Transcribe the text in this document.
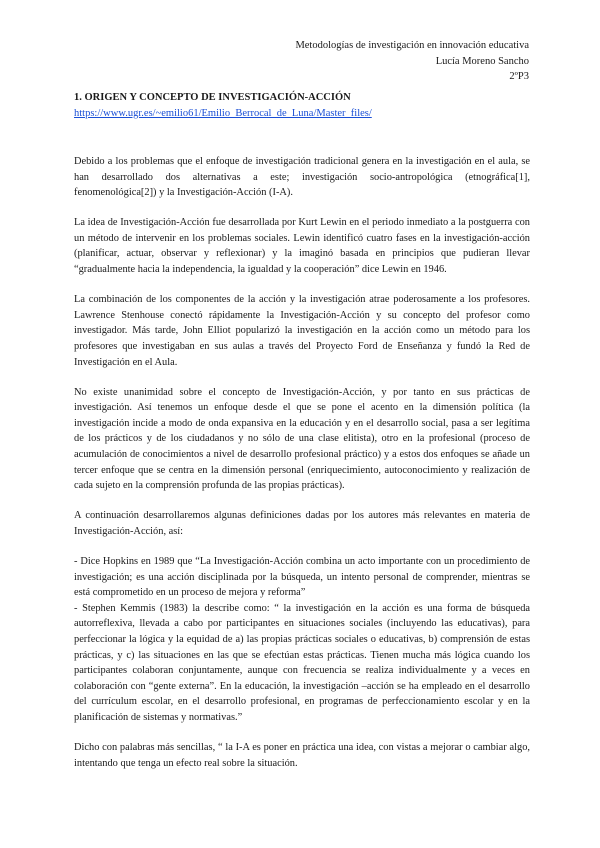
Metodologías de investigación en innovación educativa
Lucía Moreno Sancho
2ºP3
1. ORIGEN Y CONCEPTO DE INVESTIGACIÓN-ACCIÓN
https://www.ugr.es/~emilio61/Emilio_Berrocal_de_Luna/Master_files/

Debido a los problemas que el enfoque de investigación tradicional genera en la investigación en el aula, se han desarrollado dos alternativas a este; investigación socio-antropológica (etnográfica[1], fenomenológica[2]) y la Investigación-Acción (I-A).

La idea de Investigación-Acción fue desarrollada por Kurt Lewin en el periodo inmediato a la postguerra con un método de intervenir en los problemas sociales. Lewin identificó cuatro fases en la investigación-acción (planificar, actuar, observar y reflexionar) y la imaginó basada en principios que pudieran llevar “gradualmente hacia la independencia, la igualdad y la cooperación” dice Lewin en 1946.

La combinación de los componentes de la acción y la investigación atrae poderosamente a los profesores. Lawrence Stenhouse conectó rápidamente la Investigación-Acción y su concepto del profesor como investigador. Más tarde, John Elliot popularizó la investigación en la acción como un método para los profesores que investigaban en sus aulas a través del Proyecto Ford de Enseñanza y fundó la Red de Investigación en el Aula.

No existe unanimidad sobre el concepto de Investigación-Acción, y por tanto en sus prácticas de investigación. Así tenemos un enfoque desde el que se pone el acento en la dimensión política (la investigación incide a modo de onda expansiva en la educación y en el desarrollo social, pasa a ser legítima de los prácticos y de los ciudadanos y no sólo de una clase elitista), otro en la profesional (proceso de acumulación de conocimientos a nivel de desarrollo profesional práctico) y a estos dos enfoques se añade un tercer enfoque que se centra en la dimensión personal (enriquecimiento, autoconocimiento y realización de cada sujeto en la comprensión profunda de las propias prácticas).

A continuación desarrollaremos algunas definiciones dadas por los autores más relevantes en materia de Investigación-Acción, así:

- Dice Hopkins en 1989 que “La Investigación-Acción combina un acto importante con un procedimiento de investigación; es una acción disciplinada por la búsqueda, un intento personal de comprender, mientras se está comprometido en un proceso de mejora y reforma”

- Stephen Kemmis (1983) la describe como: “ la investigación en la acción es una forma de búsqueda autorreflexiva, llevada a cabo por participantes en situaciones sociales (incluyendo las educativas), para perfeccionar la lógica y la equidad de a) las propias prácticas sociales o educativas, b) comprensión de estas prácticas, y c) las situaciones en las que se efectúan estas prácticas. Tienen mucha más lógica cuando los participantes colaboran conjuntamente, aunque con frecuencia se realiza individualmente y a veces en colaboración con “gente externa”. En la educación, la investigación –acción se ha empleado en el desarrollo del currículum escolar, en el desarrollo profesional, en programas de perfeccionamiento escolar y en la planificación de sistemas y normativas.”

Dicho con palabras más sencillas, “ la I-A es poner en práctica una idea, con vistas a mejorar o cambiar algo, intentando que tenga un efecto real sobre la situación.
